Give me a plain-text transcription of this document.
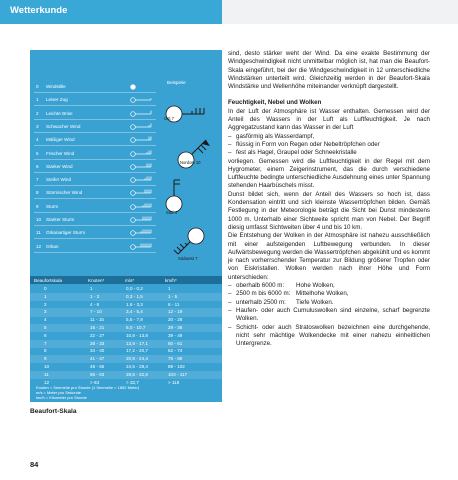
Wetterkunde
0 Windstille
1 Leiser Zug
2 Leichte Brise
3 Schwacher Wind
4 Mäßiger Wind
5 Frischer Wind
6 Starker Wind
7 Steifer Wind
8 Stürmischer Wind
9 Sturm
10 Starker Sturm
11 Orkanartiger Sturm
12 Orkan
Beispiele
Ost 7
Nordost 10
Süd 4
Südwest 7
Beaufortskala	Knoten*	m/s*	km/h*
0	1	0,0 - 0,2	1
1	1 - 3	0,3 - 1,5	1 - 5
2	4 - 6	1,6 - 3,3	6 - 11
3	7 - 10	3,4 - 5,4	12 - 19
4	11 - 15	5,5 - 7,9	20 - 28
5	16 - 21	8,0 - 10,7	29 - 38
6	22 - 27	10,8 - 13,8	39 - 49
7	28 - 33	13,9 - 17,1	50 - 61
8	34 - 40	17,2 - 20,7	62 - 74
9	41 - 47	20,8 - 24,4	75 - 88
10	48 - 55	24,5 - 28,4	89 - 102
11	56 - 63	28,5 - 32,6	103 - 117
12	> 63	> 32,7	> 118
Knoten = Seemeile pro Stunde (1 Seemeile = 1852 Meter)
m/s = Meter pro Sekunde
km/h = Kilometer pro Stunde
Beaufort-Skala
84

sind, desto stärker weht der Wind. Da eine exakte Bestimmung der Windgeschwindigkeit nicht unmittelbar möglich ist, hat man die Beaufort-Skala eingeführt, bei der die Windgeschwindigkeit in 12 unterschiedliche Windstärken unterteilt wird. Gleichzeitig werden in der Beaufort-Skala Windstärke und Wellenhöhe miteinander verknüpft dargestellt.

Feuchtigkeit, Nebel und Wolken

In der Luft der Atmosphäre ist Wasser enthalten. Gemessen wird der Anteil des Wassers in der Luft als Luftfeuchtigkeit. Je nach Aggregatzustand kann das Wasser in der Luft

– gasförmig als Wasserdampf,
– flüssig in Form von Regen oder Nebeltröpfchen oder
– fest als Hagel, Graupel oder Schneekristalle

vorliegen. Gemessen wird die Luftfeuchtigkeit in der Regel mit dem Hygrometer, einem Zeigerinstrument, das die durch verschiedene Luftfeuchte bedingte unterschiedliche Ausdehnung eines unter Spannung stehenden Haarbüschels misst.

Dunst bildet sich, wenn der Anteil des Wassers so hoch ist, dass Kondensation eintritt und sich kleinste Wassertröpfchen bilden. Gemäß Festlegung in der Meteorologie beträgt die Sicht bei Dunst mindestens 1000 m. Unterhalb einer Sichtweite spricht man von Nebel. Der Begriff diesig umfasst Sichtweiten über 4 und bis 10 km.

Die Entstehung der Wolken in der Atmosphäre ist nahezu ausschließlich mit einer aufsteigenden Luftbewegung verbunden. In dieser Aufwärtsbewegung werden die Wassertröpfchen abgekühlt und es kommt je nach vorherrschender Temperatur zur Bildung größerer Tropfen oder von Eiskristallen. Wolken werden nach ihrer Höhe und Form unterschieden:

– oberhalb 6000 m:	Hohe Wolken,
– 2500 m bis 6000 m: Mittelhohe Wolken,
– unterhalb 2500 m:	Tiefe Wolken.
– Haufen- oder auch Cumuluswolken sind einzelne, scharf begrenzte Wolken.
– Schicht- oder auch Stratoswolken bezeichnen eine durchgehende, nicht sehr mächtige Wolkendecke mit einer nahezu einheitlichen Untergrenze.
